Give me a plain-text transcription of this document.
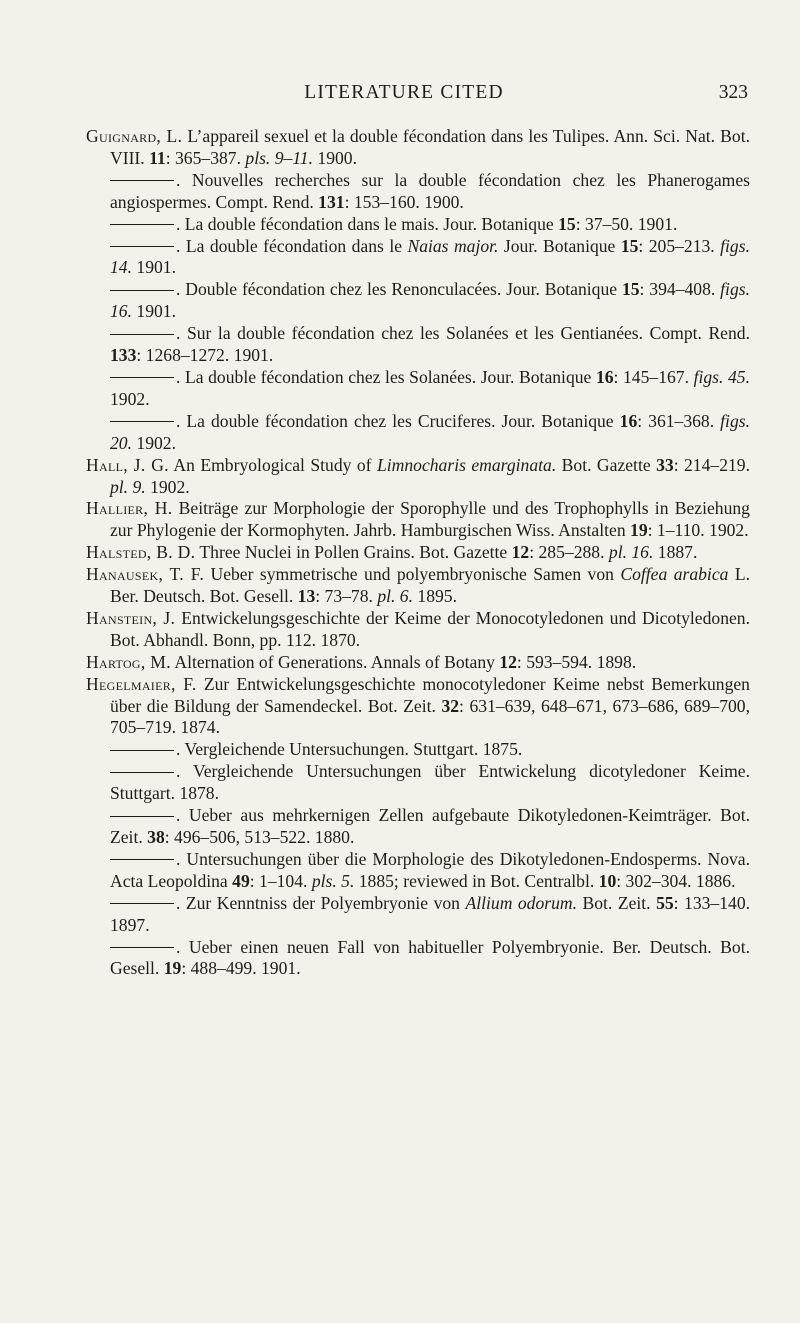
LITERATURE CITED	323
Guignard, L. L’appareil sexuel et la double fécondation dans les Tulipes. Ann. Sci. Nat. Bot. VIII. 11: 365–387. pls. 9–11. 1900.
. Nouvelles recherches sur la double fécondation chez les Phanerogames angiospermes. Compt. Rend. 131: 153–160. 1900.
. La double fécondation dans le mais. Jour. Botanique 15: 37–50. 1901.
. La double fécondation dans le Naias major. Jour. Botanique 15: 205–213. figs. 14. 1901.
. Double fécondation chez les Renonculacées. Jour. Botanique 15: 394–408. figs. 16. 1901.
. Sur la double fécondation chez les Solanées et les Gentianées. Compt. Rend. 133: 1268–1272. 1901.
. La double fécondation chez les Solanées. Jour. Botanique 16: 145–167. figs. 45. 1902.
. La double fécondation chez les Cruciferes. Jour. Botanique 16: 361–368. figs. 20. 1902.
Hall, J. G. An Embryological Study of Limnocharis emarginata. Bot. Gazette 33: 214–219. pl. 9. 1902.
Hallier, H. Beiträge zur Morphologie der Sporophylle und des Trophophylls in Beziehung zur Phylogenie der Kormophyten. Jahrb. Hamburgischen Wiss. Anstalten 19: 1–110. 1902.
Halsted, B. D. Three Nuclei in Pollen Grains. Bot. Gazette 12: 285–288. pl. 16. 1887.
Hanausek, T. F. Ueber symmetrische und polyembryonische Samen von Coffea arabica L. Ber. Deutsch. Bot. Gesell. 13: 73–78. pl. 6. 1895.
Hanstein, J. Entwickelungsgeschichte der Keime der Monocotyledonen und Dicotyledonen. Bot. Abhandl. Bonn, pp. 112. 1870.
Hartog, M. Alternation of Generations. Annals of Botany 12: 593–594. 1898.
Hegelmaier, F. Zur Entwickelungsgeschichte monocotyledoner Keime nebst Bemerkungen über die Bildung der Samendeckel. Bot. Zeit. 32: 631–639, 648–671, 673–686, 689–700, 705–719. 1874.
. Vergleichende Untersuchungen. Stuttgart. 1875.
. Vergleichende Untersuchungen über Entwickelung dicotyledoner Keime. Stuttgart. 1878.
. Ueber aus mehrkernigen Zellen aufgebaute Dikotyledonen-Keimträger. Bot. Zeit. 38: 496–506, 513–522. 1880.
. Untersuchungen über die Morphologie des Dikotyledonen-Endosperms. Nova. Acta Leopoldina 49: 1–104. pls. 5. 1885; reviewed in Bot. Centralbl. 10: 302–304. 1886.
. Zur Kenntniss der Polyembryonie von Allium odorum. Bot. Zeit. 55: 133–140. 1897.
. Ueber einen neuen Fall von habitueller Polyembryonie. Ber. Deutsch. Bot. Gesell. 19: 488–499. 1901.
